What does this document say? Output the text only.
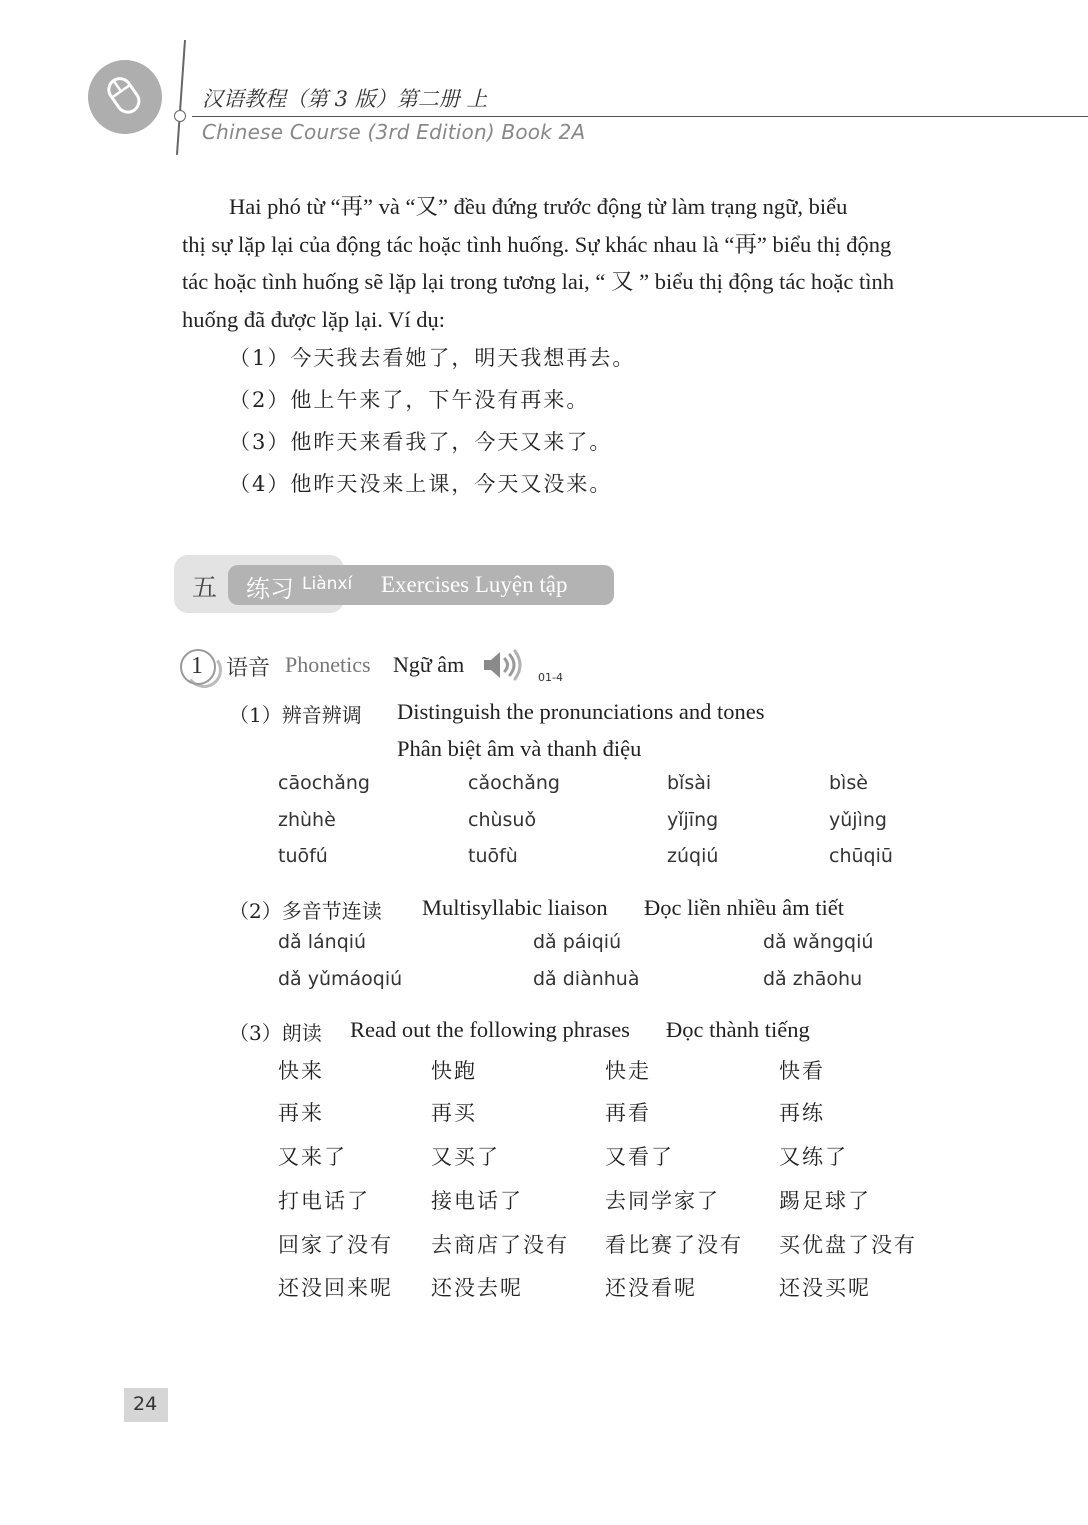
汉语教程（第 3 版）第二册 上
Chinese Course (3rd Edition) Book 2A
Hai phó từ “再” và “又” đều đứng trước động từ làm trạng ngữ, biểu
thị sự lặp lại của động tác hoặc tình huống. Sự khác nhau là “再” biểu thị động
tác hoặc tình huống sẽ lặp lại trong tương lai, “ 又 ” biểu thị động tác hoặc tình
huống đã được lặp lại. Ví dụ:
（1）今天我去看她了，明天我想再去。
（2）他上午来了，下午没有再来。
（3）他昨天来看我了，今天又来了。
（4）他昨天没来上课，今天又没来。
五 练习 Liànxí Exercises Luyện tập
1 语音 Phonetics Ngữ âm
01-4
（1）辨音辨调 Distinguish the pronunciations and tones
Phân biệt âm và thanh điệu
cāochǎng	cǎochǎng	bǐsài	bìsè
zhùhè	chùsuǒ	yǐjīng	yǔjìng
tuōfú	tuōfù	zúqiú	chūqiū
（2）多音节连读 Multisyllabic liaison Đọc liền nhiều âm tiết
dǎ lánqiú	dǎ páiqiú	dǎ wǎngqiú
dǎ yǔmáoqiú	dǎ diànhuà	dǎ zhāohu
（3）朗读 Read out the following phrases Đọc thành tiếng
快来	快跑	快走	快看
再来	再买	再看	再练
又来了	又买了	又看了	又练了
打电话了	接电话了	去同学家了	踢足球了
回家了没有 去商店了没有 看比赛了没有 买优盘了没有
还没回来呢 还没去呢	还没看呢	还没买呢
24
